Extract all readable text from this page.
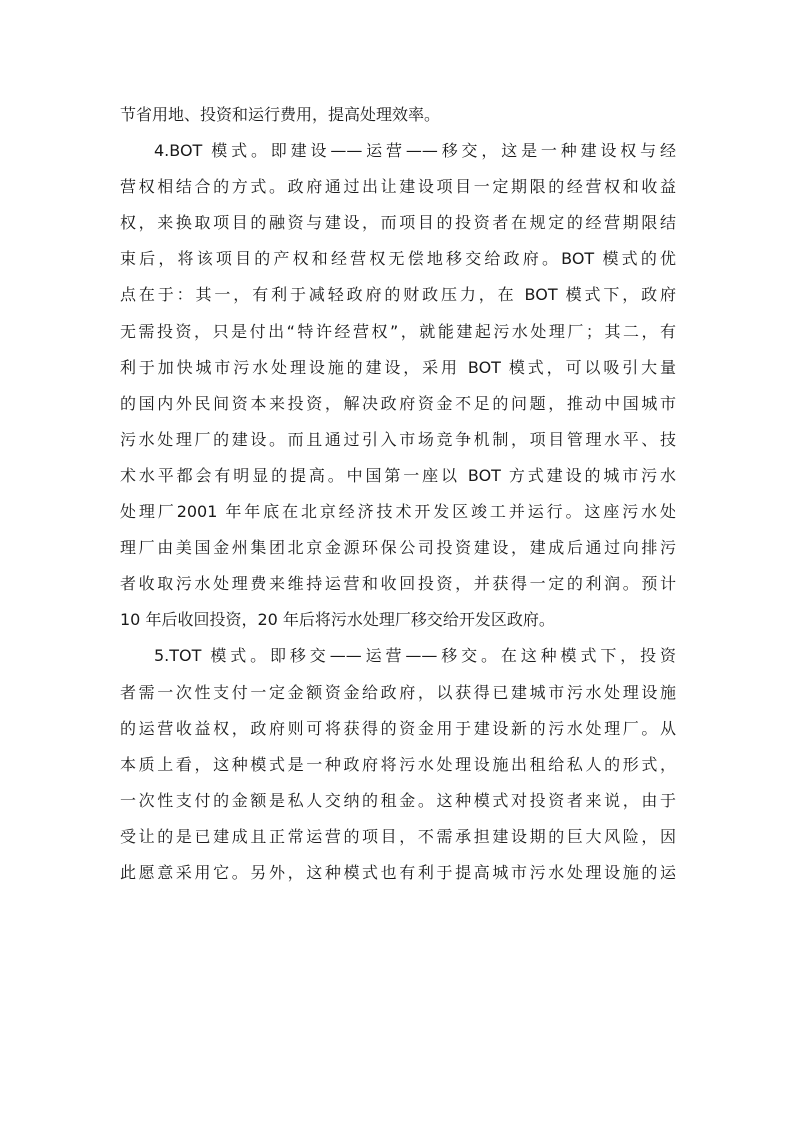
节省用地、投资和运行费用，提高处理效率。
4.BOT 模式。即建设——运营——移交，这是一种建设权与经
营权相结合的方式。政府通过出让建设项目一定期限的经营权和收益
权，来换取项目的融资与建设，而项目的投资者在规定的经营期限结
束后，将该项目的产权和经营权无偿地移交给政府。BOT 模式的优
点在于：其一，有利于减轻政府的财政压力，在 BOT 模式下，政府
无需投资，只是付出“特许经营权”，就能建起污水处理厂；其二，有
利于加快城市污水处理设施的建设，采用 BOT 模式，可以吸引大量
的国内外民间资本来投资，解决政府资金不足的问题，推动中国城市
污水处理厂的建设。而且通过引入市场竞争机制，项目管理水平、技
术水平都会有明显的提高。中国第一座以 BOT 方式建设的城市污水
处理厂2001 年年底在北京经济技术开发区竣工并运行。这座污水处
理厂由美国金州集团北京金源环保公司投资建设，建成后通过向排污
者收取污水处理费来维持运营和收回投资，并获得一定的利润。预计
10 年后收回投资，20 年后将污水处理厂移交给开发区政府。
5.TOT 模式。即移交——运营——移交。在这种模式下，投资
者需一次性支付一定金额资金给政府，以获得已建城市污水处理设施
的运营收益权，政府则可将获得的资金用于建设新的污水处理厂。从
本质上看，这种模式是一种政府将污水处理设施出租给私人的形式，
一次性支付的金额是私人交纳的租金。这种模式对投资者来说，由于
受让的是已建成且正常运营的项目，不需承担建设期的巨大风险，因
此愿意采用它。另外，这种模式也有利于提高城市污水处理设施的运
